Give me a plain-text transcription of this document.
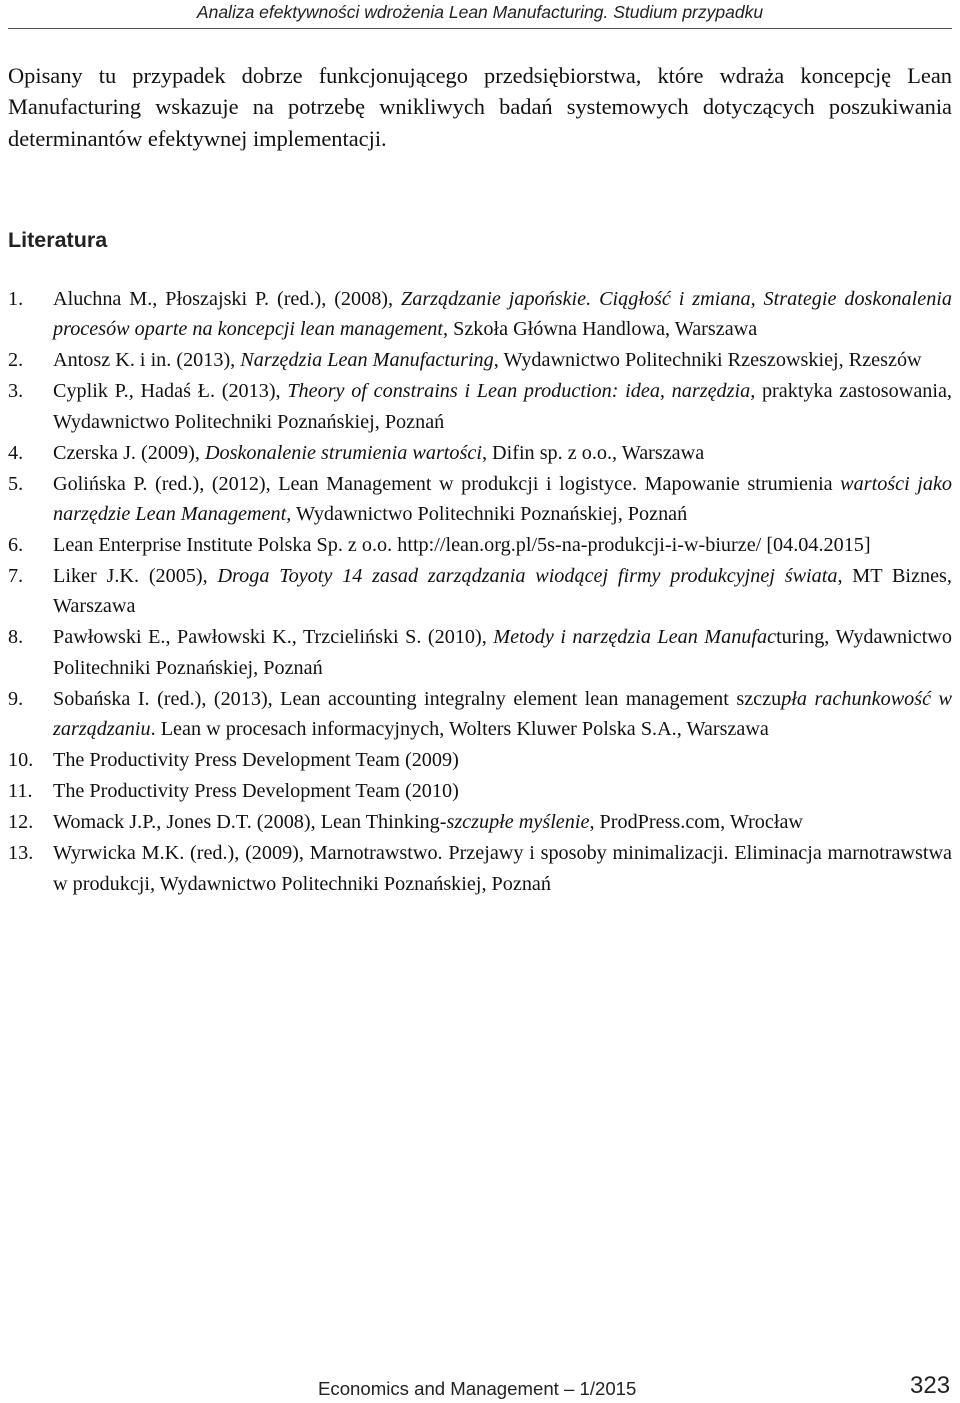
Analiza efektywności wdrożenia Lean Manufacturing. Studium przypadku

Opisany tu przypadek dobrze funkcjonującego przedsiębiorstwa, które wdraża koncepcję Lean Manufacturing wskazuje na potrzebę wnikliwych badań systemowych dotyczących poszukiwania determinantów efektywnej implementacji.

Literatura
1.	Aluchna M., Płoszajski P. (red.), (2008), Zarządzanie japońskie. Ciągłość i zmiana, Strategie doskonalenia procesów oparte na koncepcji lean management, Szkoła Główna Handlowa, Warszawa
2.	Antosz K. i in. (2013), Narzędzia Lean Manufacturing, Wydawnictwo Politechniki Rzeszowskiej, Rzeszów
3.	Cyplik P., Hadaś Ł. (2013), Theory of constrains i Lean production: idea, narzędzia, praktyka zastosowania, Wydawnictwo Politechniki Poznańskiej, Poznań
4.	Czerska J. (2009), Doskonalenie strumienia wartości, Difin sp. z o.o., Warszawa
5.	Golińska P. (red.), (2012), Lean Management w produkcji i logistyce. Mapowanie strumienia wartości jako narzędzie Lean Management, Wydawnictwo Politechniki Poznańskiej, Poznań
6.	Lean Enterprise Institute Polska Sp. z o.o. http://lean.org.pl/5s-na-produkcji-i-w-biurze/ [04.04.2015]
7.	Liker J.K. (2005), Droga Toyoty 14 zasad zarządzania wiodącej firmy produkcyjnej świata, MT Biznes, Warszawa
8.	Pawłowski E., Pawłowski K., Trzcieliński S. (2010), Metody i narzędzia Lean Manufacturing, Wydawnictwo Politechniki Poznańskiej, Poznań
9.	Sobańska I. (red.), (2013), Lean accounting integralny element lean management szczupła rachunkowość w zarządzaniu. Lean w procesach informacyjnych, Wolters Kluwer Polska S.A., Warszawa
10. The Productivity Press Development Team (2009)
11.	The Productivity Press Development Team (2010)
12. Womack J.P., Jones D.T. (2008), Lean Thinking-szczupłe myślenie, ProdPress.com, Wrocław
13. Wyrwicka M.K. (red.), (2009), Marnotrawstwo. Przejawy i sposoby minimalizacji. Eliminacja marnotrawstwa w produkcji, Wydawnictwo Politechniki Poznańskiej, Poznań
Economics and Management – 1/2015	323
